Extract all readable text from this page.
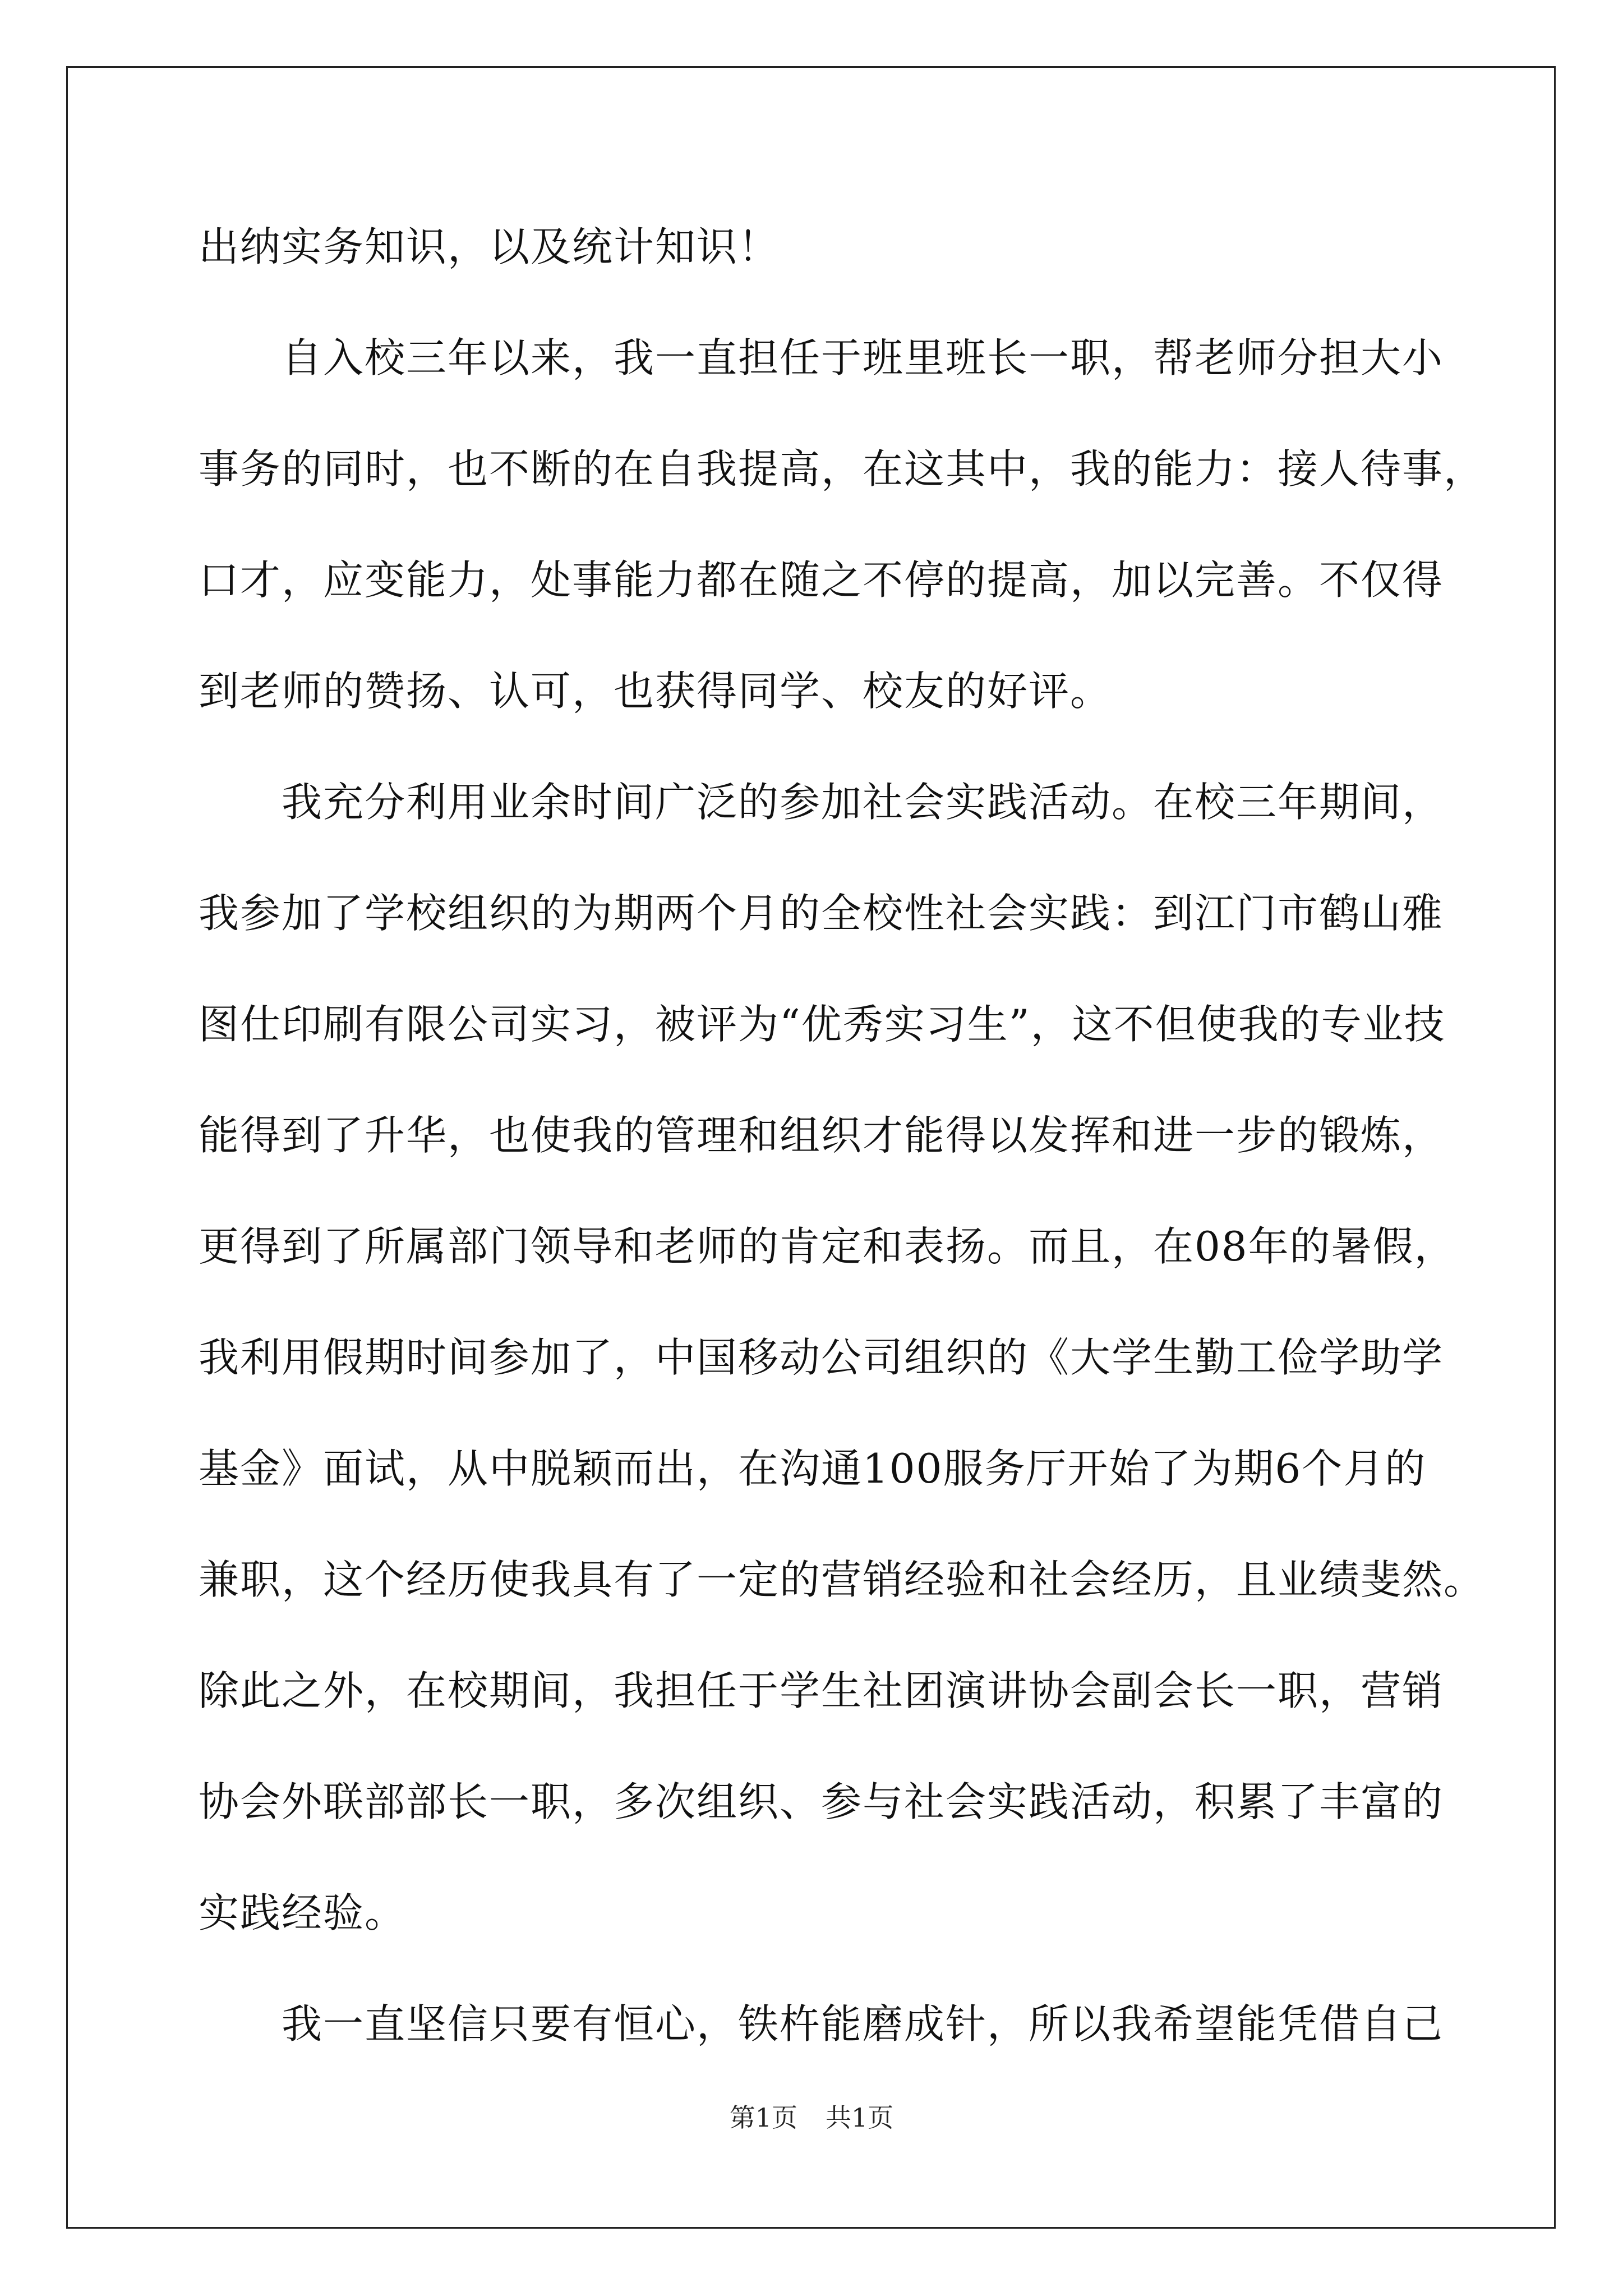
出纳实务知识，以及统计知识！
自入校三年以来，我一直担任于班里班长一职，帮老师分担大小
事务的同时，也不断的在自我提高，在这其中，我的能力：接人待事，
口才，应变能力，处事能力都在随之不停的提高，加以完善。不仅得
到老师的赞扬、认可，也获得同学、校友的好评。
我充分利用业余时间广泛的参加社会实践活动。在校三年期间，
我参加了学校组织的为期两个月的全校性社会实践：到江门市鹤山雅
图仕印刷有限公司实习，被评为“优秀实习生”，这不但使我的专业技
能得到了升华，也使我的管理和组织才能得以发挥和进一步的锻炼，
更得到了所属部门领导和老师的肯定和表扬。而且，在08年的暑假，
我利用假期时间参加了，中国移动公司组织的《大学生勤工俭学助学
基金》面试，从中脱颖而出，在沟通100服务厅开始了为期6个月的
兼职，这个经历使我具有了一定的营销经验和社会经历，且业绩斐然。
除此之外，在校期间，我担任于学生社团演讲协会副会长一职，营销
协会外联部部长一职，多次组织、参与社会实践活动，积累了丰富的
实践经验。
我一直坚信只要有恒心，铁杵能磨成针，所以我希望能凭借自己
第1页 共1页
